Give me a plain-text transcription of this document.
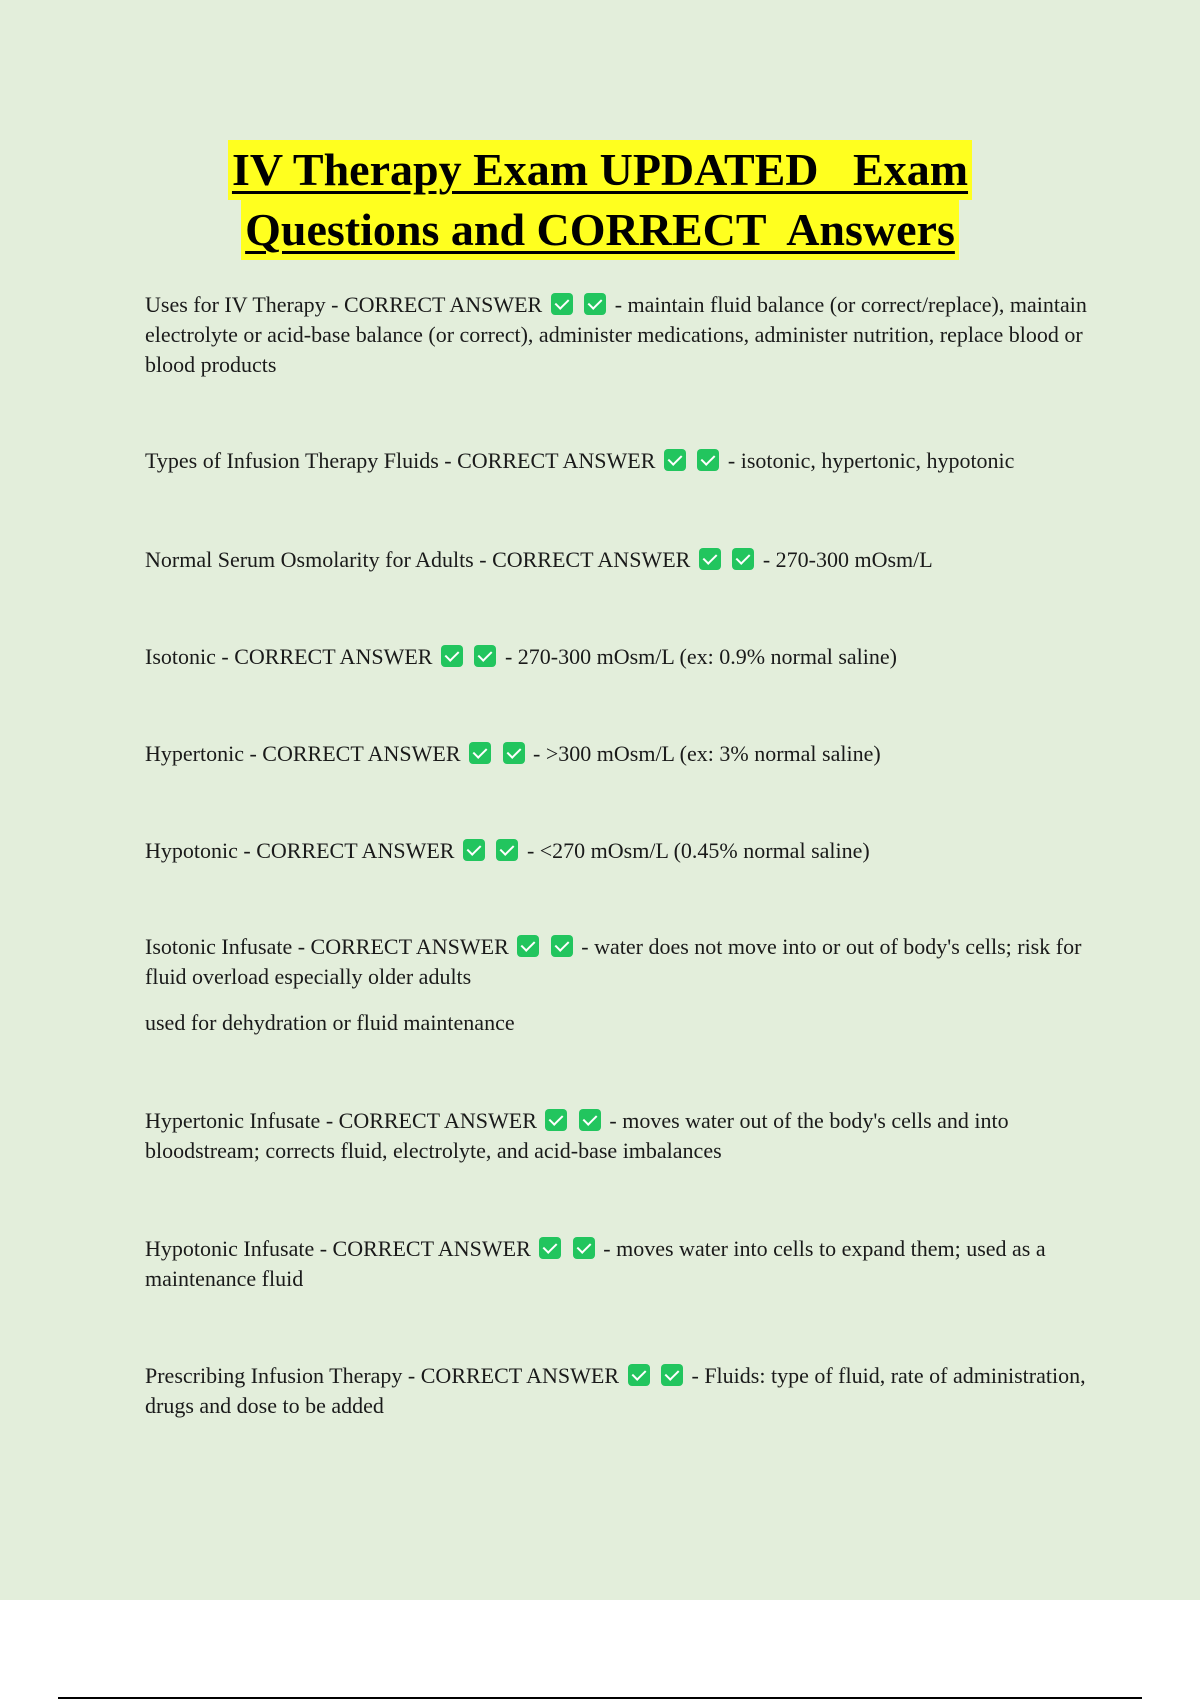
IV Therapy Exam UPDATED   Exam
Questions and CORRECT  Answers

Uses for IV Therapy - CORRECT ANSWER	- maintain fluid balance (or correct/replace), maintain electrolyte or acid-base balance (or correct), administer medications, administer nutrition, replace blood or blood products

Types of Infusion Therapy Fluids - CORRECT ANSWER	- isotonic, hypertonic, hypotonic

Normal Serum Osmolarity for Adults - CORRECT ANSWER	- 270-300 mOsm/L

Isotonic - CORRECT ANSWER	- 270-300 mOsm/L (ex: 0.9% normal saline)

Hypertonic - CORRECT ANSWER	- >300 mOsm/L (ex: 3% normal saline)

Hypotonic - CORRECT ANSWER	- <270 mOsm/L (0.45% normal saline)

Isotonic Infusate - CORRECT ANSWER	- water does not move into or out of body's cells; risk for fluid overload especially older adults

used for dehydration or fluid maintenance

Hypertonic Infusate - CORRECT ANSWER	- moves water out of the body's cells and into bloodstream; corrects fluid, electrolyte, and acid-base imbalances

Hypotonic Infusate - CORRECT ANSWER	- moves water into cells to expand them; used as a maintenance fluid

Prescribing Infusion Therapy - CORRECT ANSWER	- Fluids: type of fluid, rate of administration, drugs and dose to be added
